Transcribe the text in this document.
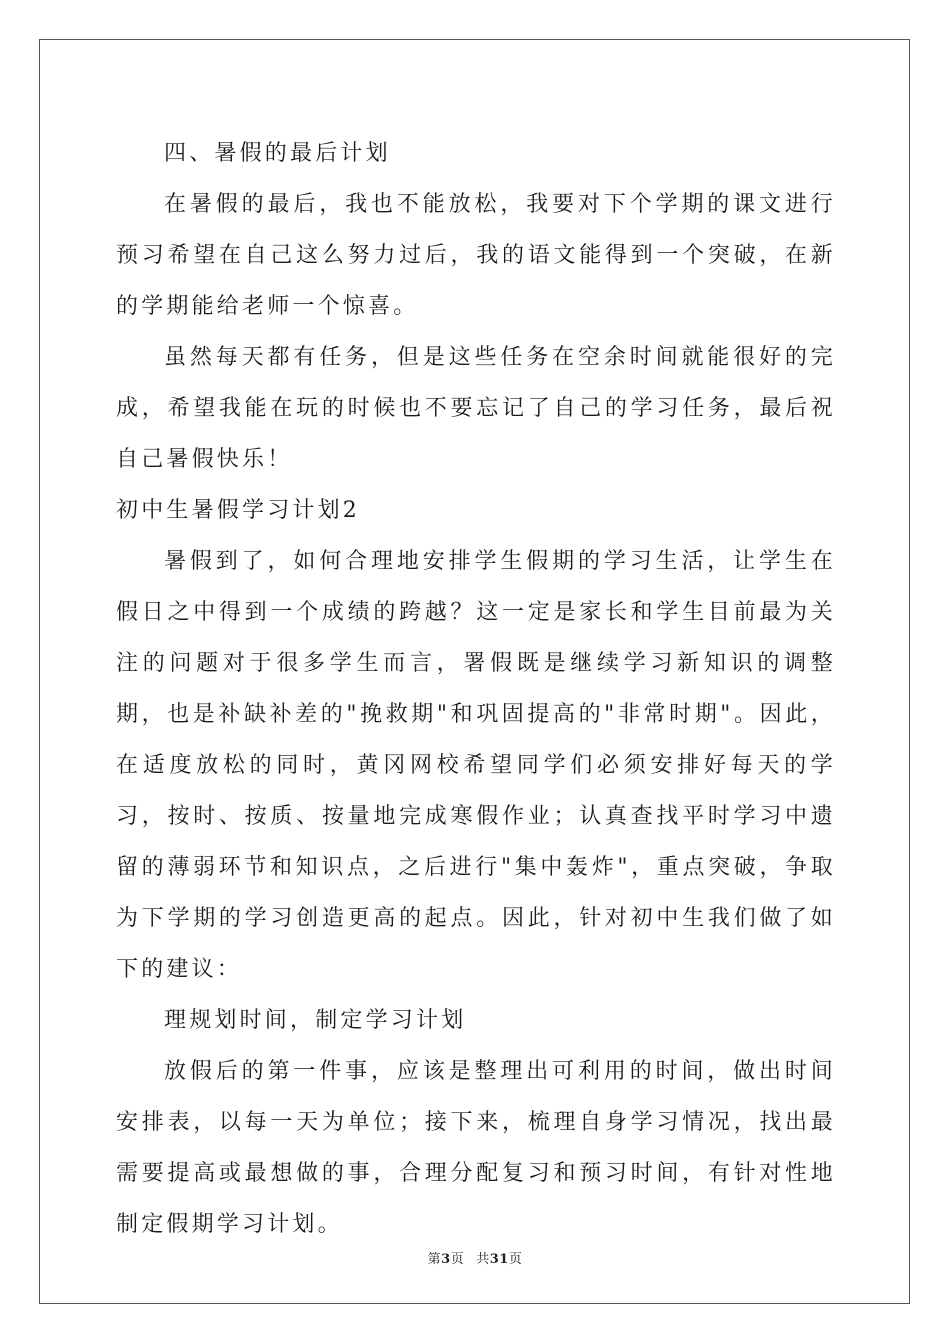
四、暑假的最后计划

在暑假的最后，我也不能放松，我要对下个学期的课文进行预习希望在自己这么努力过后，我的语文能得到一个突破，在新的学期能给老师一个惊喜。

虽然每天都有任务，但是这些任务在空余时间就能很好的完成，希望我能在玩的时候也不要忘记了自己的学习任务，最后祝自己暑假快乐！

初中生暑假学习计划2

暑假到了，如何合理地安排学生假期的学习生活，让学生在假日之中得到一个成绩的跨越？这一定是家长和学生目前最为关注的问题对于很多学生而言，署假既是继续学习新知识的调整期，也是补缺补差的"挽救期"和巩固提高的"非常时期"。因此，在适度放松的同时，黄冈网校希望同学们必须安排好每天的学习，按时、按质、按量地完成寒假作业；认真查找平时学习中遗留的薄弱环节和知识点，之后进行"集中轰炸"，重点突破，争取为下学期的学习创造更高的起点。因此，针对初中生我们做了如下的建议：

理规划时间，制定学习计划

放假后的第一件事，应该是整理出可利用的时间，做出时间安排表，以每一天为单位；接下来，梳理自身学习情况，找出最需要提高或最想做的事，合理分配复习和预习时间，有针对性地制定假期学习计划。

第3页 共31页
